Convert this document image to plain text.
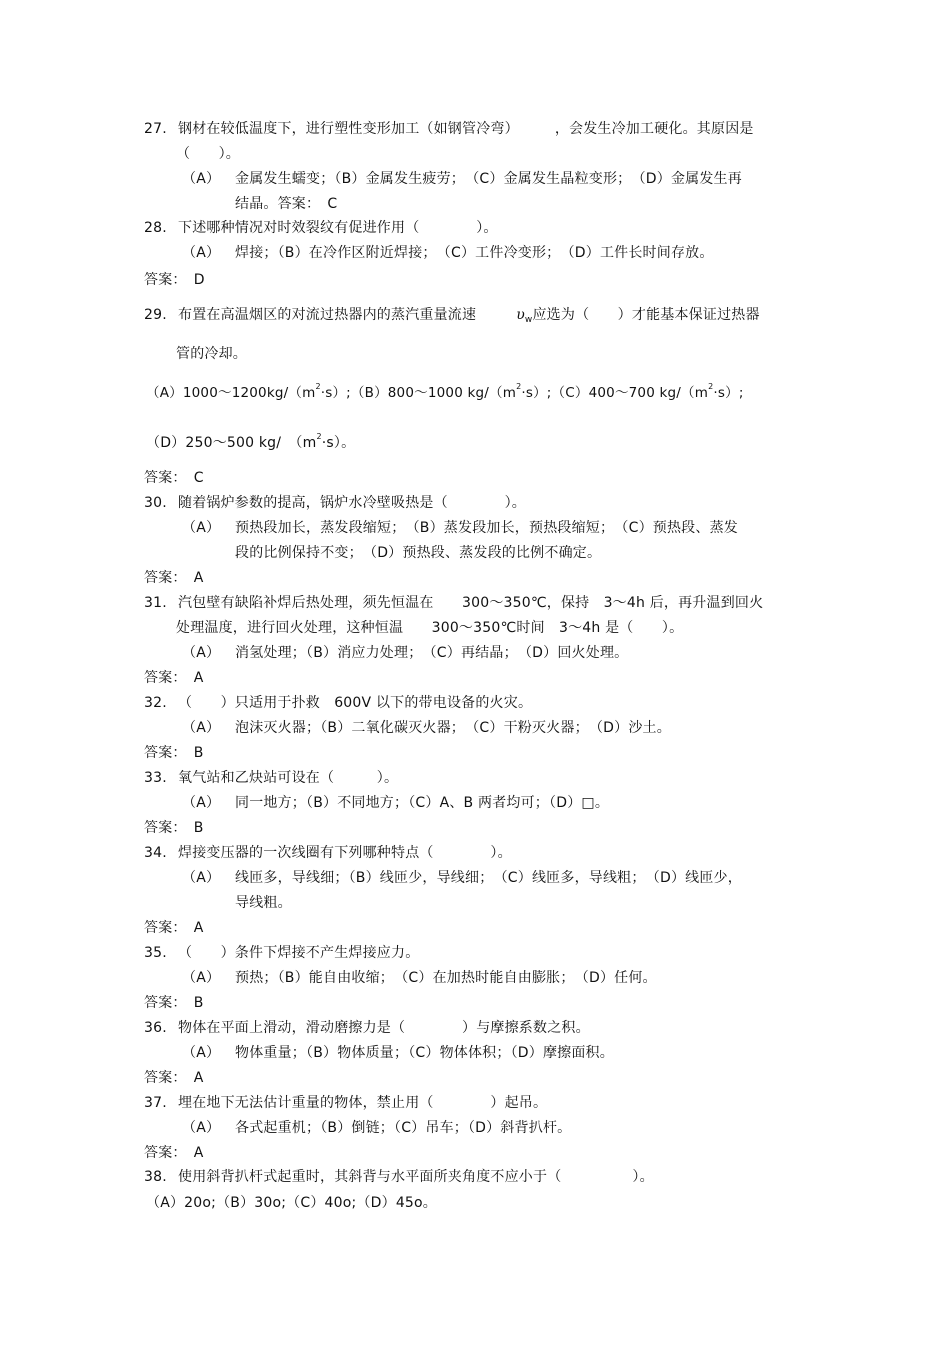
27. 钢材在较低温度下，进行塑性变形加工（如钢管冷弯）	，会发生冷加工硬化。其原因是
（　　）。
（A） 金属发生蠕变；（B）金属发生疲劳；　（C）金属发生晶粒变形；　（D）金属发生再
结晶。答案：　C
28. 下述哪种情况对时效裂纹有促进作用（　　　　）。
（A） 焊接；（B）在冷作区附近焊接；　（C）工件冷变形；　（D）工件长时间存放。
答案：　D
29. 布置在高温烟区的对流过热器内的蒸汽重量流速	$\upsilon_w$应选为（　　）才能基本保证过热器
管的冷却。
$(A)1000\sim 1200kg/(m^2\cdot s);(B)800\sim 1000$ $kg/(m^2\cdot s);(C)400\sim 700$ $kg/(m^2\cdot s)$;
（D）250～500 kg/　$(m^2\cdot s)$。
答案：　C
30. 随着锅炉参数的提高，锅炉水冷壁吸热是（　　　　）。
（A） 预热段加长，蒸发段缩短；　（B）蒸发段加长，预热段缩短；　（C）预热段、蒸发
段的比例保持不变；　（D）预热段、蒸发段的比例不确定。
答案：　A
31. 汽包壁有缺陷补焊后热处理，须先恒温在　　300～350℃，保持　3～4h 后，再升温到回火
处理温度，进行回火处理，这种恒温　　300～350℃时间　3～4h 是（　　）。
（A） 消氢处理；（B）消应力处理；　（C）再结晶；　（D）回火处理。
答案：　A
32. （　　）只适用于扑救　600V 以下的带电设备的火灾。
（A） 泡沫灭火器；（B）二氧化碳灭火器；　（C）干粉灭火器；　（D）沙土。
答案：　B
33. 氧气站和乙炔站可设在（　　　）。
（A） 同一地方；（B）不同地方；（C）A、B 两者均可；（D）□。
答案：　B
34. 焊接变压器的一次线圈有下列哪种特点（　　　　）。
（A） 线匝多，导线细；（B）线匝少，导线细；　（C）线匝多，导线粗；　（D）线匝少，
导线粗。
答案：　A
35. （　　）条件下焊接不产生焊接应力。
（A） 预热；（B）能自由收缩；　（C）在加热时能自由膨胀；　（D）任何。
答案：　B
36. 物体在平面上滑动，滑动磨擦力是（　　　　）与摩擦系数之积。
（A） 物体重量；（B）物体质量；（C）物体体积；（D）摩擦面积。
答案：　A
37. 埋在地下无法估计重量的物体，禁止用（　　　　）起吊。
（A） 各式起重机；（B）倒链；（C）吊车；（D）斜背扒杆。
答案：　A
38. 使用斜背扒杆式起重时，其斜背与水平面所夹角度不应小于（　　　　　）。
（A）20o;（B）30o;（C）40o;（D）45o。
